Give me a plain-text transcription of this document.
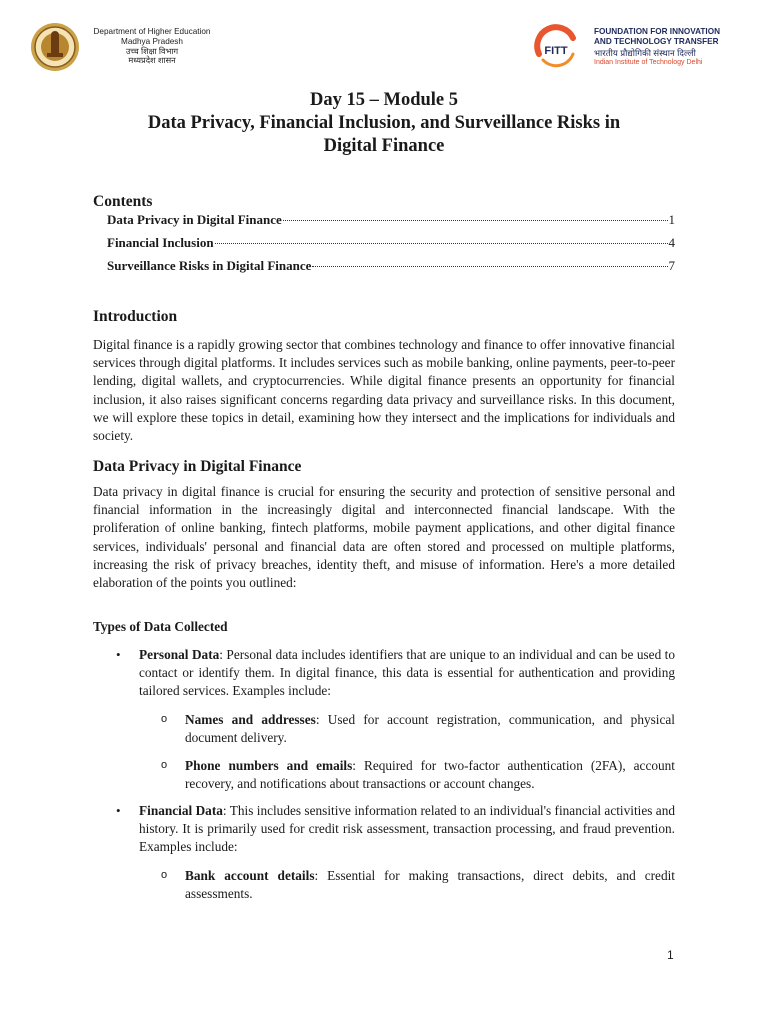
Department of Higher Education
Madhya Pradesh
उच्च शिक्षा विभाग
मध्यप्रदेश शासन
FITT
FOUNDATION FOR INNOVATION
AND TECHNOLOGY TRANSFER
भारतीय प्रौद्योगिकी संस्थान दिल्ली
Indian Institute of Technology Delhi
Day 15 – Module 5
Data Privacy, Financial Inclusion, and Surveillance Risks in
Digital Finance
Contents
Data Privacy in Digital Finance	1
Financial Inclusion	4
Surveillance Risks in Digital Finance	7
Introduction

Digital finance is a rapidly growing sector that combines technology and finance to offer innovative financial services through digital platforms. It includes services such as mobile banking, online payments, peer-to-peer lending, digital wallets, and cryptocurrencies. While digital finance presents an opportunity for financial inclusion, it also raises significant concerns regarding data privacy and surveillance risks. In this document, we will explore these topics in detail, examining how they intersect and the implications for individuals and society.

Data Privacy in Digital Finance

Data privacy in digital finance is crucial for ensuring the security and protection of sensitive personal and financial information in the increasingly digital and interconnected financial landscape. With the proliferation of online banking, fintech platforms, mobile payment applications, and other digital finance services, individuals' personal and financial data are often stored and processed on multiple platforms, increasing the risk of privacy breaches, identity theft, and misuse of information. Here's a more detailed elaboration of the points you outlined:

Types of Data Collected
• Personal Data: Personal data includes identifiers that are unique to an individual and can be used to contact or identify them. In digital finance, this data is essential for authentication and providing tailored services. Examples include:

o Names and addresses: Used for account registration, communication, and physical document delivery.

o Phone numbers and emails: Required for two-factor authentication (2FA), account recovery, and notifications about transactions or account changes.

• Financial Data: This includes sensitive information related to an individual's financial activities and history. It is primarily used for credit risk assessment, transaction processing, and fraud prevention. Examples include:

o Bank account details: Essential for making transactions, direct debits, and credit assessments.

1
